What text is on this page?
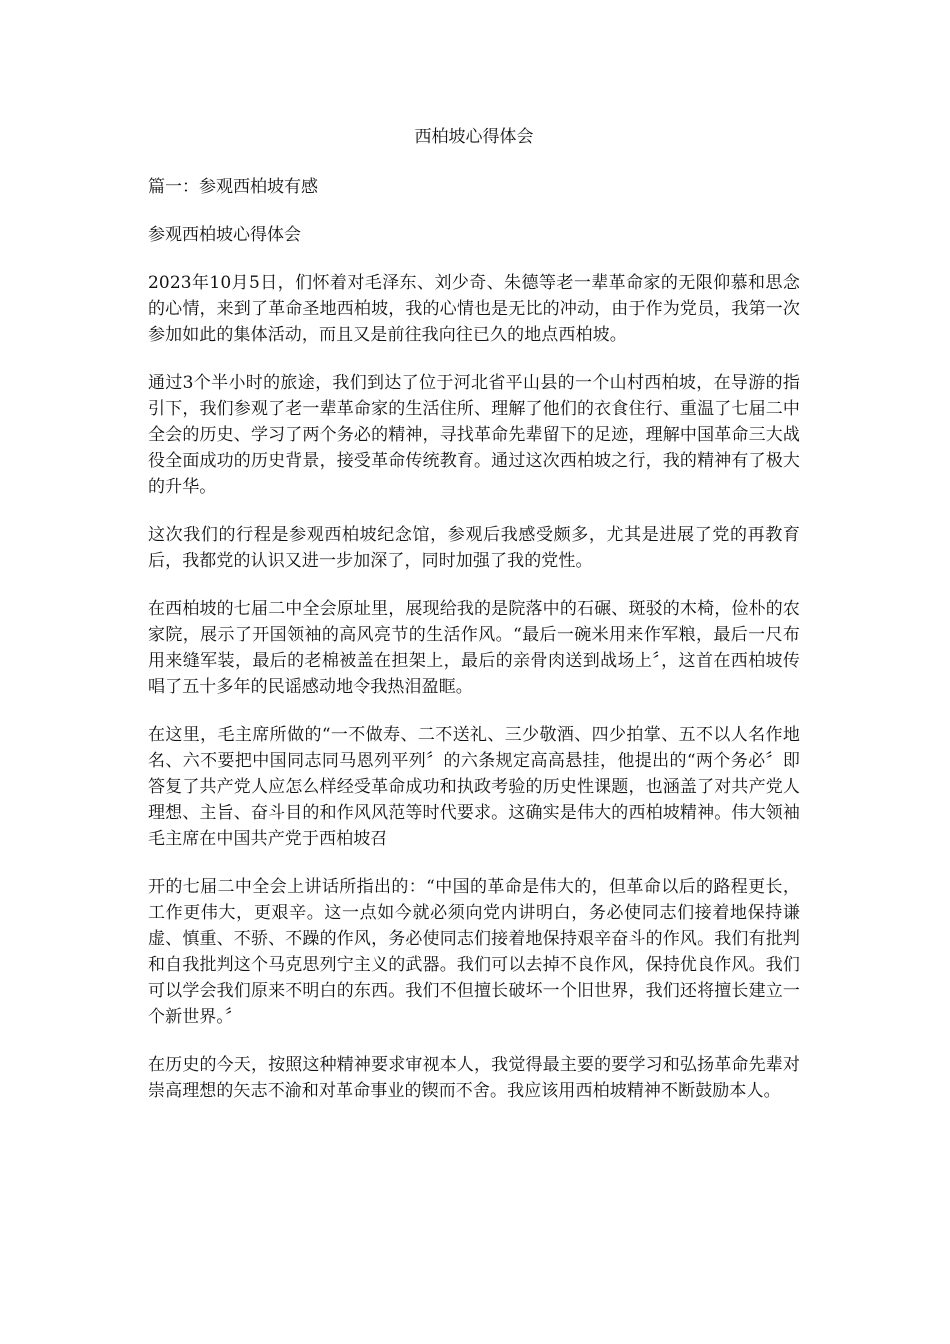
西柏坡心得体会
篇一：参观西柏坡有感
参观西柏坡心得体会

2023年10月5日，们怀着对毛泽东、刘少奇、朱德等老一辈革命家的无限仰慕和思念的心情，来到了革命圣地西柏坡，我的心情也是无比的冲动，由于作为党员，我第一次参加如此的集体活动，而且又是前往我向往已久的地点西柏坡。

通过3个半小时的旅途，我们到达了位于河北省平山县的一个山村西柏坡，在导游的指引下，我们参观了老一辈革命家的生活住所、理解了他们的衣食住行、重温了七届二中全会的历史、学习了两个务必的精神，寻找革命先辈留下的足迹，理解中国革命三大战役全面成功的历史背景，接受革命传统教育。通过这次西柏坡之行，我的精神有了极大的升华。

这次我们的行程是参观西柏坡纪念馆，参观后我感受颇多，尤其是进展了党的再教育后，我都党的认识又进一步加深了，同时加强了我的党性。

在西柏坡的七届二中全会原址里，展现给我的是院落中的石碾、斑驳的木椅，俭朴的农家院，展示了开国领袖的高风亮节的生活作风。“最后一碗米用来作军粮，最后一尺布用来缝军装，最后的老棉被盖在担架上，最后的亲骨肉送到战场上〞，这首在西柏坡传唱了五十多年的民谣感动地令我热泪盈眶。

在这里，毛主席所做的“一不做寿、二不送礼、三少敬酒、四少拍掌、五不以人名作地名、六不要把中国同志同马恩列平列〞的六条规定高高悬挂，他提出的“两个务必〞即答复了共产党人应怎么样经受革命成功和执政考验的历史性课题，也涵盖了对共产党人理想、主旨、奋斗目的和作风风范等时代要求。这确实是伟大的西柏坡精神。伟大领袖毛主席在中国共产党于西柏坡召

开的七届二中全会上讲话所指出的：“中国的革命是伟大的，但革命以后的路程更长，工作更伟大，更艰辛。这一点如今就必须向党内讲明白，务必使同志们接着地保持谦虚、慎重、不骄、不躁的作风，务必使同志们接着地保持艰辛奋斗的作风。我们有批判和自我批判这个马克思列宁主义的武器。我们可以去掉不良作风，保持优良作风。我们可以学会我们原来不明白的东西。我们不但擅长破坏一个旧世界，我们还将擅长建立一个新世界。〞

在历史的今天，按照这种精神要求审视本人，我觉得最主要的要学习和弘扬革命先辈对崇高理想的矢志不渝和对革命事业的锲而不舍。我应该用西柏坡精神不断鼓励本人。
